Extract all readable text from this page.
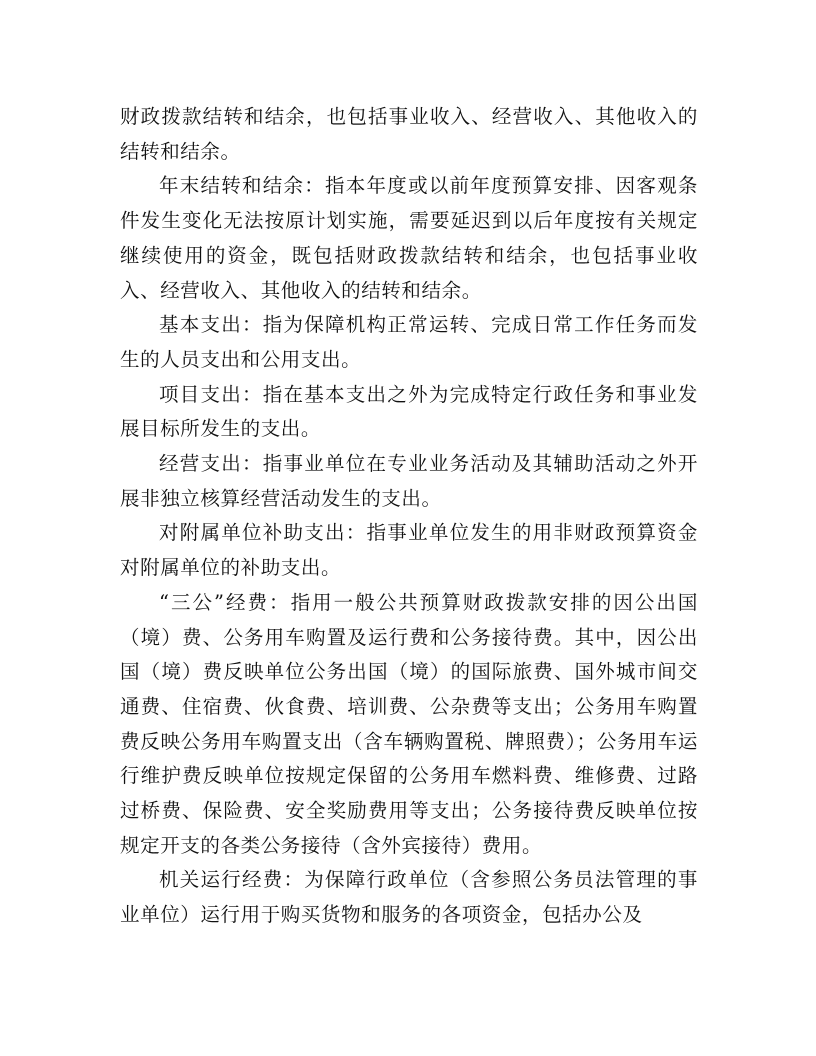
财政拨款结转和结余，也包括事业收入、经营收入、其他收入的结转和结余。

年末结转和结余：指本年度或以前年度预算安排、因客观条件发生变化无法按原计划实施，需要延迟到以后年度按有关规定继续使用的资金，既包括财政拨款结转和结余，也包括事业收入、经营收入、其他收入的结转和结余。

基本支出：指为保障机构正常运转、完成日常工作任务而发生的人员支出和公用支出。

项目支出：指在基本支出之外为完成特定行政任务和事业发展目标所发生的支出。

经营支出：指事业单位在专业业务活动及其辅助活动之外开展非独立核算经营活动发生的支出。

对附属单位补助支出：指事业单位发生的用非财政预算资金对附属单位的补助支出。

“三公”经费：指用一般公共预算财政拨款安排的因公出国（境）费、公务用车购置及运行费和公务接待费。其中，因公出国（境）费反映单位公务出国（境）的国际旅费、国外城市间交通费、住宿费、伙食费、培训费、公杂费等支出；公务用车购置费反映公务用车购置支出（含车辆购置税、牌照费）；公务用车运行维护费反映单位按规定保留的公务用车燃料费、维修费、过路过桥费、保险费、安全奖励费用等支出；公务接待费反映单位按规定开支的各类公务接待（含外宾接待）费用。

机关运行经费：为保障行政单位（含参照公务员法管理的事业单位）运行用于购买货物和服务的各项资金，包括办公及
